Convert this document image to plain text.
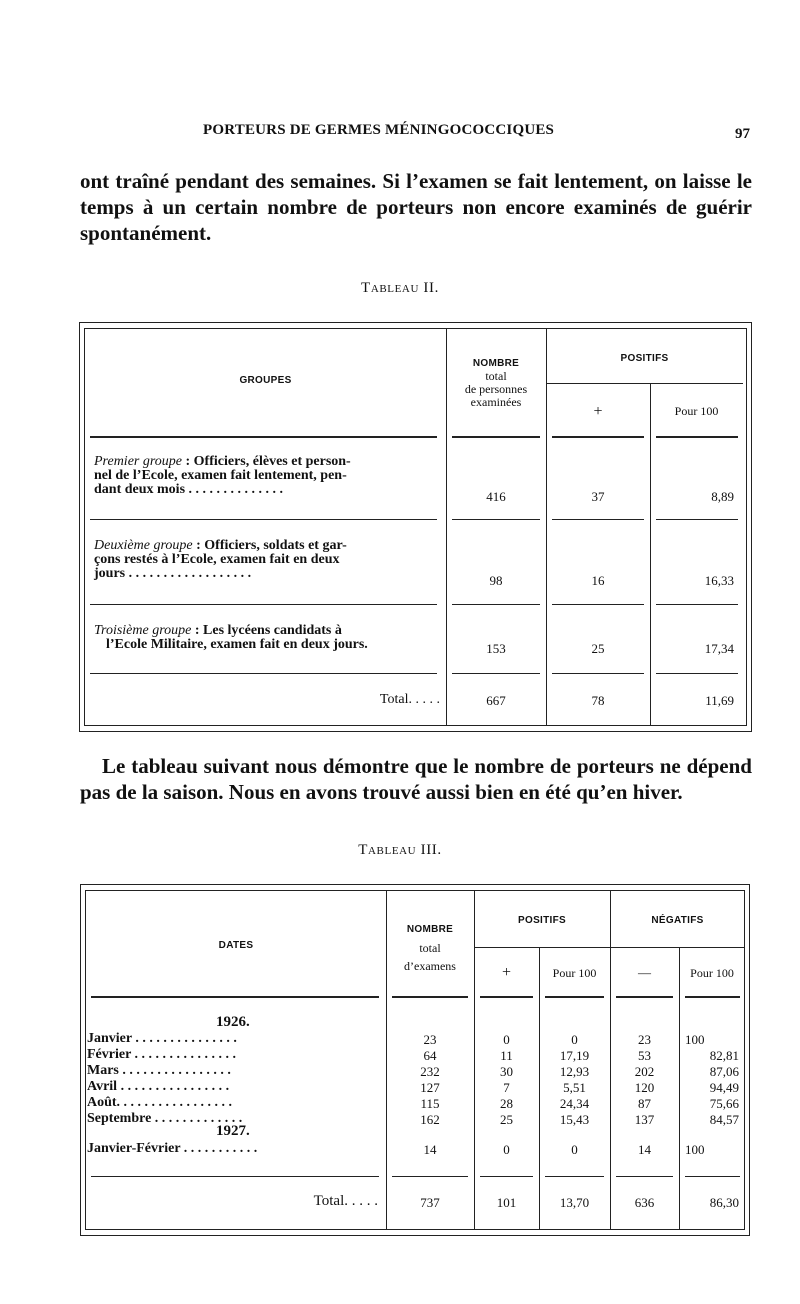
PORTEURS DE GERMES MÉNINGOCOCCIQUES	97
ont traîné pendant des semaines. Si l’examen se fait lentement, on laisse le temps à un certain nombre de porteurs non encore examinés de guérir spontanément.
TABLEAU II.
GROUPES
NOMBRE
total
de personnes
examinées
POSITIFS
+	Pour 100
Premier groupe : Officiers, élèves et person-
nel de l’Ecole, examen fait lentement, pen-
dant deux mois . . . . . . . . . . . . . .	416	37	8,89
Deuxième groupe : Officiers, soldats et gar-
çons restés à l’Ecole, examen fait en deux
jours . . . . . . . . . . . . . . . . . .	98	16	16,33
Troisième groupe : Les lycéens candidats à
l’Ecole Militaire, examen fait en deux jours.	153	25	17,34
Total. . . . .	667	78	11,69
Le tableau suivant nous démontre que le nombre de porteurs ne dépend pas de la saison. Nous en avons trouvé aussi bien en été qu’en hiver.
TABLEAU III.
DATES
NOMBRE
total
d’examens
POSITIFS	NÉGATIFS
+	Pour 100	—	Pour 100
1926.
Janvier . . . . . . . . . . . . . . .	23	0	0	23	100
Février . . . . . . . . . . . . . . .	64	11	17,19	53	82,81
Mars . . . . . . . . . . . . . . . .	232	30	12,93	202	87,06
Avril . . . . . . . . . . . . . . . .	127	7	5,51	120	94,49
Août. . . . . . . . . . . . . . . . .	115	28	24,34	87	75,66
Septembre . . . . . . . . . . . . .	162	25	15,43	137	84,57
1927.
Janvier-Février . . . . . . . . . . .	14	0	0	14	100
Total. . . . .	737	101	13,70	636	86,30
